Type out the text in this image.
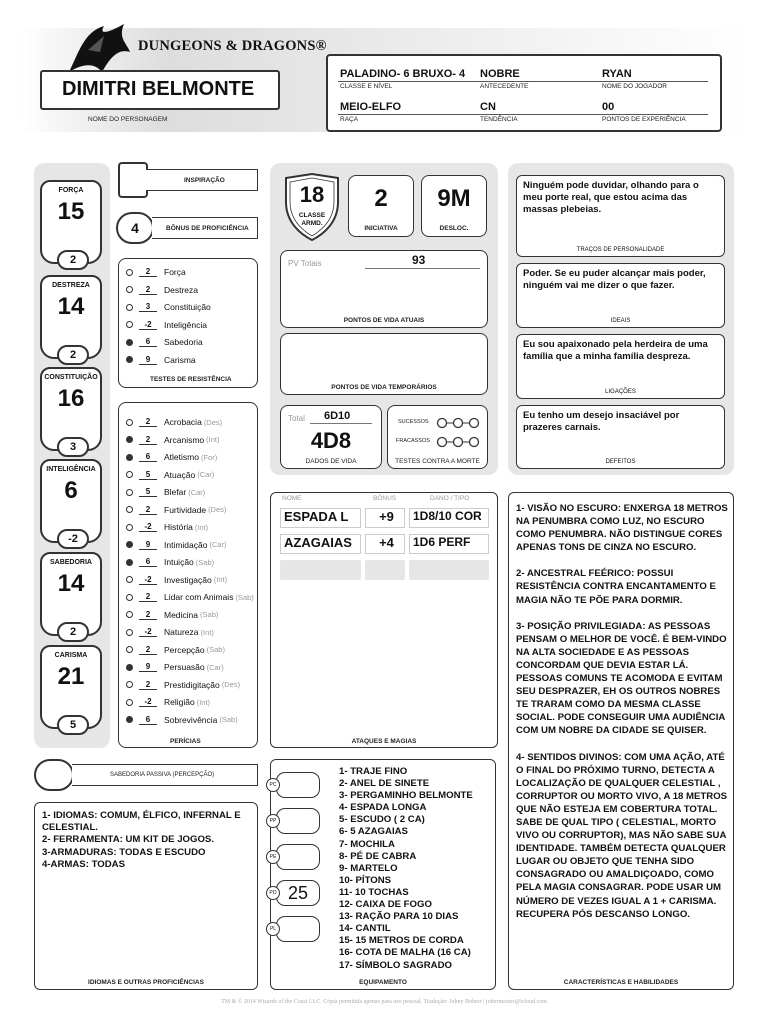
DUNGEONS & DRAGONS®
DIMITRI BELMONTE
NOME DO PERSONAGEM
PALADINO- 6 BRUXO- 4
CLASSE E NÍVEL
NOBRE
ANTECEDENTE
RYAN
NOME DO JOGADOR
MEIO-ELFO
RAÇA
CN
TENDÊNCIA
00
PONTOS DE EXPERIÊNCIA
FORÇA
15
2
DESTREZA
14
2
CONSTITUIÇÃO
16
3
INTELIGÊNCIA
6
-2
SABEDORIA
14
2
CARISMA
21
5
INSPIRAÇÃO
4	BÔNUS DE PROFICIÊNCIA
2	Força
2	Destreza
3	Constituição
-2	Inteligência
6	Sabedoria
9	Carisma
TESTES DE RESISTÊNCIA
2	Acrobacia (Des)
2	Arcanismo (Int)
6	Atletismo (For)
5	Atuação (Car)
5	Blefar (Car)
2	Furtividade (Des)
-2	História (Int)
9	Intimidação (Car)
6	Intuição (Sab)
-2	Investigação (Int)
2	Lidar com Animais (Sab)
2	Medicina (Sab)
-2	Natureza (Int)
2	Percepção (Sab)
9	Persuasão (Car)
2	Prestidigitação (Des)
-2	Religião (Int)
6	Sobrevivência (Sab)
PERÍCIAS
18
CLASSE ARMD.
2
INICIATIVA
9M
DESLOC.
PV Totais	93
PONTOS DE VIDA ATUAIS
PONTOS DE VIDA TEMPORÁRIOS
Total 6D10
4D8
DADOS DE VIDA
SUCESSOS
FRACASSOS
TESTES CONTRA A MORTE
NOME	BÔNUS	DANO / TIPO
ESPADA L	+9	1D8/10 COR
AZAGAIAS	+4	1D6 PERF
ATAQUES E MAGIAS
Ninguém pode duvidar, olhando para o meu porte real, que estou acima das massas plebeias.
TRAÇOS DE PERSONALIDADE
Poder. Se eu puder alcançar mais poder, ninguém vai me dizer o que fazer.
IDEAIS
Eu sou apaixonado pela herdeira de uma família que a minha família despreza.
LIGAÇÕES
Eu tenho um desejo insaciável por prazeres carnais.
DEFEITOS
1- VISÃO NO ESCURO: ENXERGA 18 METROS NA PENUMBRA COMO LUZ, NO ESCURO COMO PENUMBRA. NÃO DISTINGUE CORES APENAS TONS DE CINZA NO ESCURO.
2- ANCESTRAL FEÉRICO: POSSUI RESISTÊNCIA CONTRA ENCANTAMENTO E MAGIA NÃO TE PÕE PARA DORMIR.
3- POSIÇÃO PRIVILEGIADA: AS PESSOAS PENSAM O MELHOR DE VOCÊ. É BEM-VINDO NA ALTA SOCIEDADE E AS PESSOAS CONCORDAM QUE DEVIA ESTAR LÁ. PESSOAS COMUNS TE ACOMODA E EVITAM SEU DESPRAZER, EH OS OUTROS NOBRES TE TRARAM COMO DA MESMA CLASSE SOCIAL. PODE CONSEGUIR UMA AUDIÊNCIA COM UM NOBRE DA CIDADE SE QUISER.
4- SENTIDOS DIVINOS: COM UMA AÇÃO, ATÉ O FINAL DO PRÓXIMO TURNO, DETECTA A LOCALIZAÇÃO DE QUALQUER CELESTIAL , CORRUPTOR OU MORTO VIVO, A 18 METROS QUE NÃO ESTEJA EM COBERTURA TOTAL. SABE DE QUAL TIPO ( CELESTIAL, MORTO VIVO OU CORRUPTOR), MAS NÃO SABE SUA IDENTIDADE. TAMBÉM DETECTA QUALQUER LUGAR OU OBJETO QUE TENHA SIDO CONSAGRADO OU AMALDIÇOADO, COMO PELA MAGIA CONSAGRAR. PODE USAR UM NÚMERO DE VEZES IGUAL A 1 + CARISMA. RECUPERA PÓS DESCANSO LONGO.
CARACTERÍSTICAS E HABILIDADES
SABEDORIA PASSIVA (PERCEPÇÃO)
1- IDIOMAS: COMUM, ÉLFICO, INFERNAL E CELESTIAL.
2- FERRAMENTA: UM KIT DE JOGOS.
3-ARMADURAS: TODAS E ESCUDO
4-ARMAS: TODAS
IDIOMAS E OUTRAS PROFICIÊNCIAS
PC
PP
PE
25
PO
PL
1- TRAJE FINO
2- ANEL DE SINETE
3- PERGAMINHO BELMONTE
4- ESPADA LONGA
5- ESCUDO ( 2 CA)
6- 5 AZAGAIAS
7- MOCHILA
8- PÉ DE CABRA
9- MARTELO
10- PÍTONS
11- 10 TOCHAS
12- CAIXA DE FOGO
13- RAÇÃO PARA 10 DIAS
14- CANTIL
15- 15 METROS DE CORDA
16- COTA DE MALHA (16 CA)
17- SÍMBOLO SAGRADO
EQUIPAMENTO
TM & © 2014 Wizards of the Coast LLC. Cópia permitida apenas para uso pessoal. Tradução: Johny Bohrer | jottermester@icloud.com
